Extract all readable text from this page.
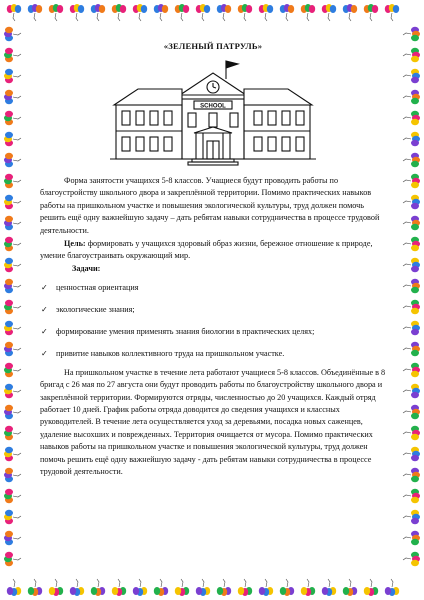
«ЗЕЛЕНЫЙ ПАТРУЛЬ»
SCHOOL

Форма занятости учащихся 5-8 классов. Учащиеся будут проводить работы по благоустройству школьного двора и закреплённой территории. Помимо практических навыков работы на пришкольном участке и повышения экологической культуры, труд должен помочь решить ещё одну важнейшую задачу – дать ребятам навыки сотрудничества в процессе трудовой деятельности.

Цель: формировать у учащихся здоровый образ жизни, бережное отношение к природе, умение благоустраивать окружающий мир.

Задачи:
✓	ценностная ориентация
✓	экологические знания;
✓	формирование умения применять знания биологии в практических целях;
✓	привитие навыков коллективного труда на пришкольном участке.

На пришкольном участке в течение лета работают учащиеся 5-8 классов. Объединённые в 8 бригад с 26 мая по 27 августа они будут проводить работы по благоустройству школьного двора и закреплённой территории. Формируются отряды, численностью до 20 учащихся. Каждый отряд работает 10 дней. График работы отряда доводится до сведения учащихся и классных руководителей. В течение лета осуществляется уход за деревьями, посадка новых саженцев, удаление высохших и поврежденных. Территория очищается от мусора. Помимо практических навыков работы на пришкольном участке и повышения экологической культуры, труд должен помочь решить ещё одну важнейшую задачу - дать ребятам навыки сотрудничества в процессе трудовой деятельности.
